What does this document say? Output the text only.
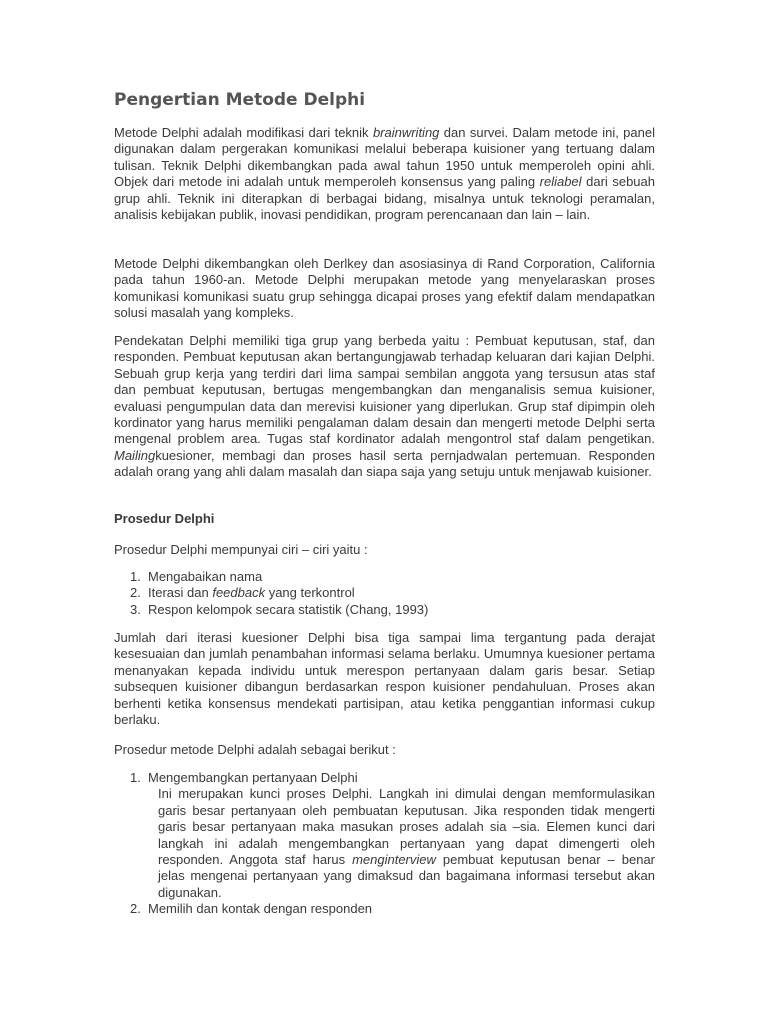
Pengertian Metode Delphi

Metode Delphi adalah modifikasi dari teknik brainwriting dan survei. Dalam metode ini, panel digunakan dalam pergerakan komunikasi melalui beberapa kuisioner yang tertuang dalam tulisan. Teknik Delphi dikembangkan pada awal tahun 1950 untuk memperoleh opini ahli. Objek dari metode ini adalah untuk memperoleh konsensus yang paling reliabel dari sebuah grup ahli. Teknik ini diterapkan di berbagai bidang, misalnya untuk teknologi peramalan, analisis kebijakan publik, inovasi pendidikan, program perencanaan dan lain – lain.

Metode Delphi dikembangkan oleh Derlkey dan asosiasinya di Rand Corporation, California pada tahun 1960-an. Metode Delphi merupakan metode yang menyelaraskan proses komunikasi komunikasi suatu grup sehingga dicapai proses yang efektif dalam mendapatkan solusi masalah yang kompleks.

Pendekatan Delphi memiliki tiga grup yang berbeda yaitu : Pembuat keputusan, staf, dan responden. Pembuat keputusan akan bertangungjawab terhadap keluaran dari kajian Delphi. Sebuah grup kerja yang terdiri dari lima sampai sembilan anggota yang tersusun atas staf dan pembuat keputusan, bertugas mengembangkan dan menganalisis semua kuisioner, evaluasi pengumpulan data dan merevisi kuisioner yang diperlukan. Grup staf dipimpin oleh kordinator yang harus memiliki pengalaman dalam desain dan mengerti metode Delphi serta mengenal problem area. Tugas staf kordinator adalah mengontrol staf dalam pengetikan. Mailingkuesioner, membagi dan proses hasil serta pernjadwalan pertemuan. Responden adalah orang yang ahli dalam masalah dan siapa saja yang setuju untuk menjawab kuisioner.

Prosedur Delphi

Prosedur Delphi mempunyai ciri – ciri yaitu :

1. Mengabaikan nama
2. Iterasi dan feedback yang terkontrol
3. Respon kelompok secara statistik (Chang, 1993)

Jumlah dari iterasi kuesioner Delphi bisa tiga sampai lima tergantung pada derajat kesesuaian dan jumlah penambahan informasi selama berlaku. Umumnya kuesioner pertama menanyakan kepada individu untuk merespon pertanyaan dalam garis besar. Setiap subsequen kuisioner dibangun berdasarkan respon kuisioner pendahuluan. Proses akan berhenti ketika konsensus mendekati partisipan, atau ketika penggantian informasi cukup berlaku.

Prosedur metode Delphi adalah sebagai berikut :

1. Mengembangkan pertanyaan Delphi
Ini merupakan kunci proses Delphi. Langkah ini dimulai dengan memformulasikan garis besar pertanyaan oleh pembuatan keputusan. Jika responden tidak mengerti garis besar pertanyaan maka masukan proses adalah sia –sia. Elemen kunci dari langkah ini adalah mengembangkan pertanyaan yang dapat dimengerti oleh responden. Anggota staf harus menginterview pembuat keputusan benar – benar jelas mengenai pertanyaan yang dimaksud dan bagaimana informasi tersebut akan digunakan.
2. Memilih dan kontak dengan responden
